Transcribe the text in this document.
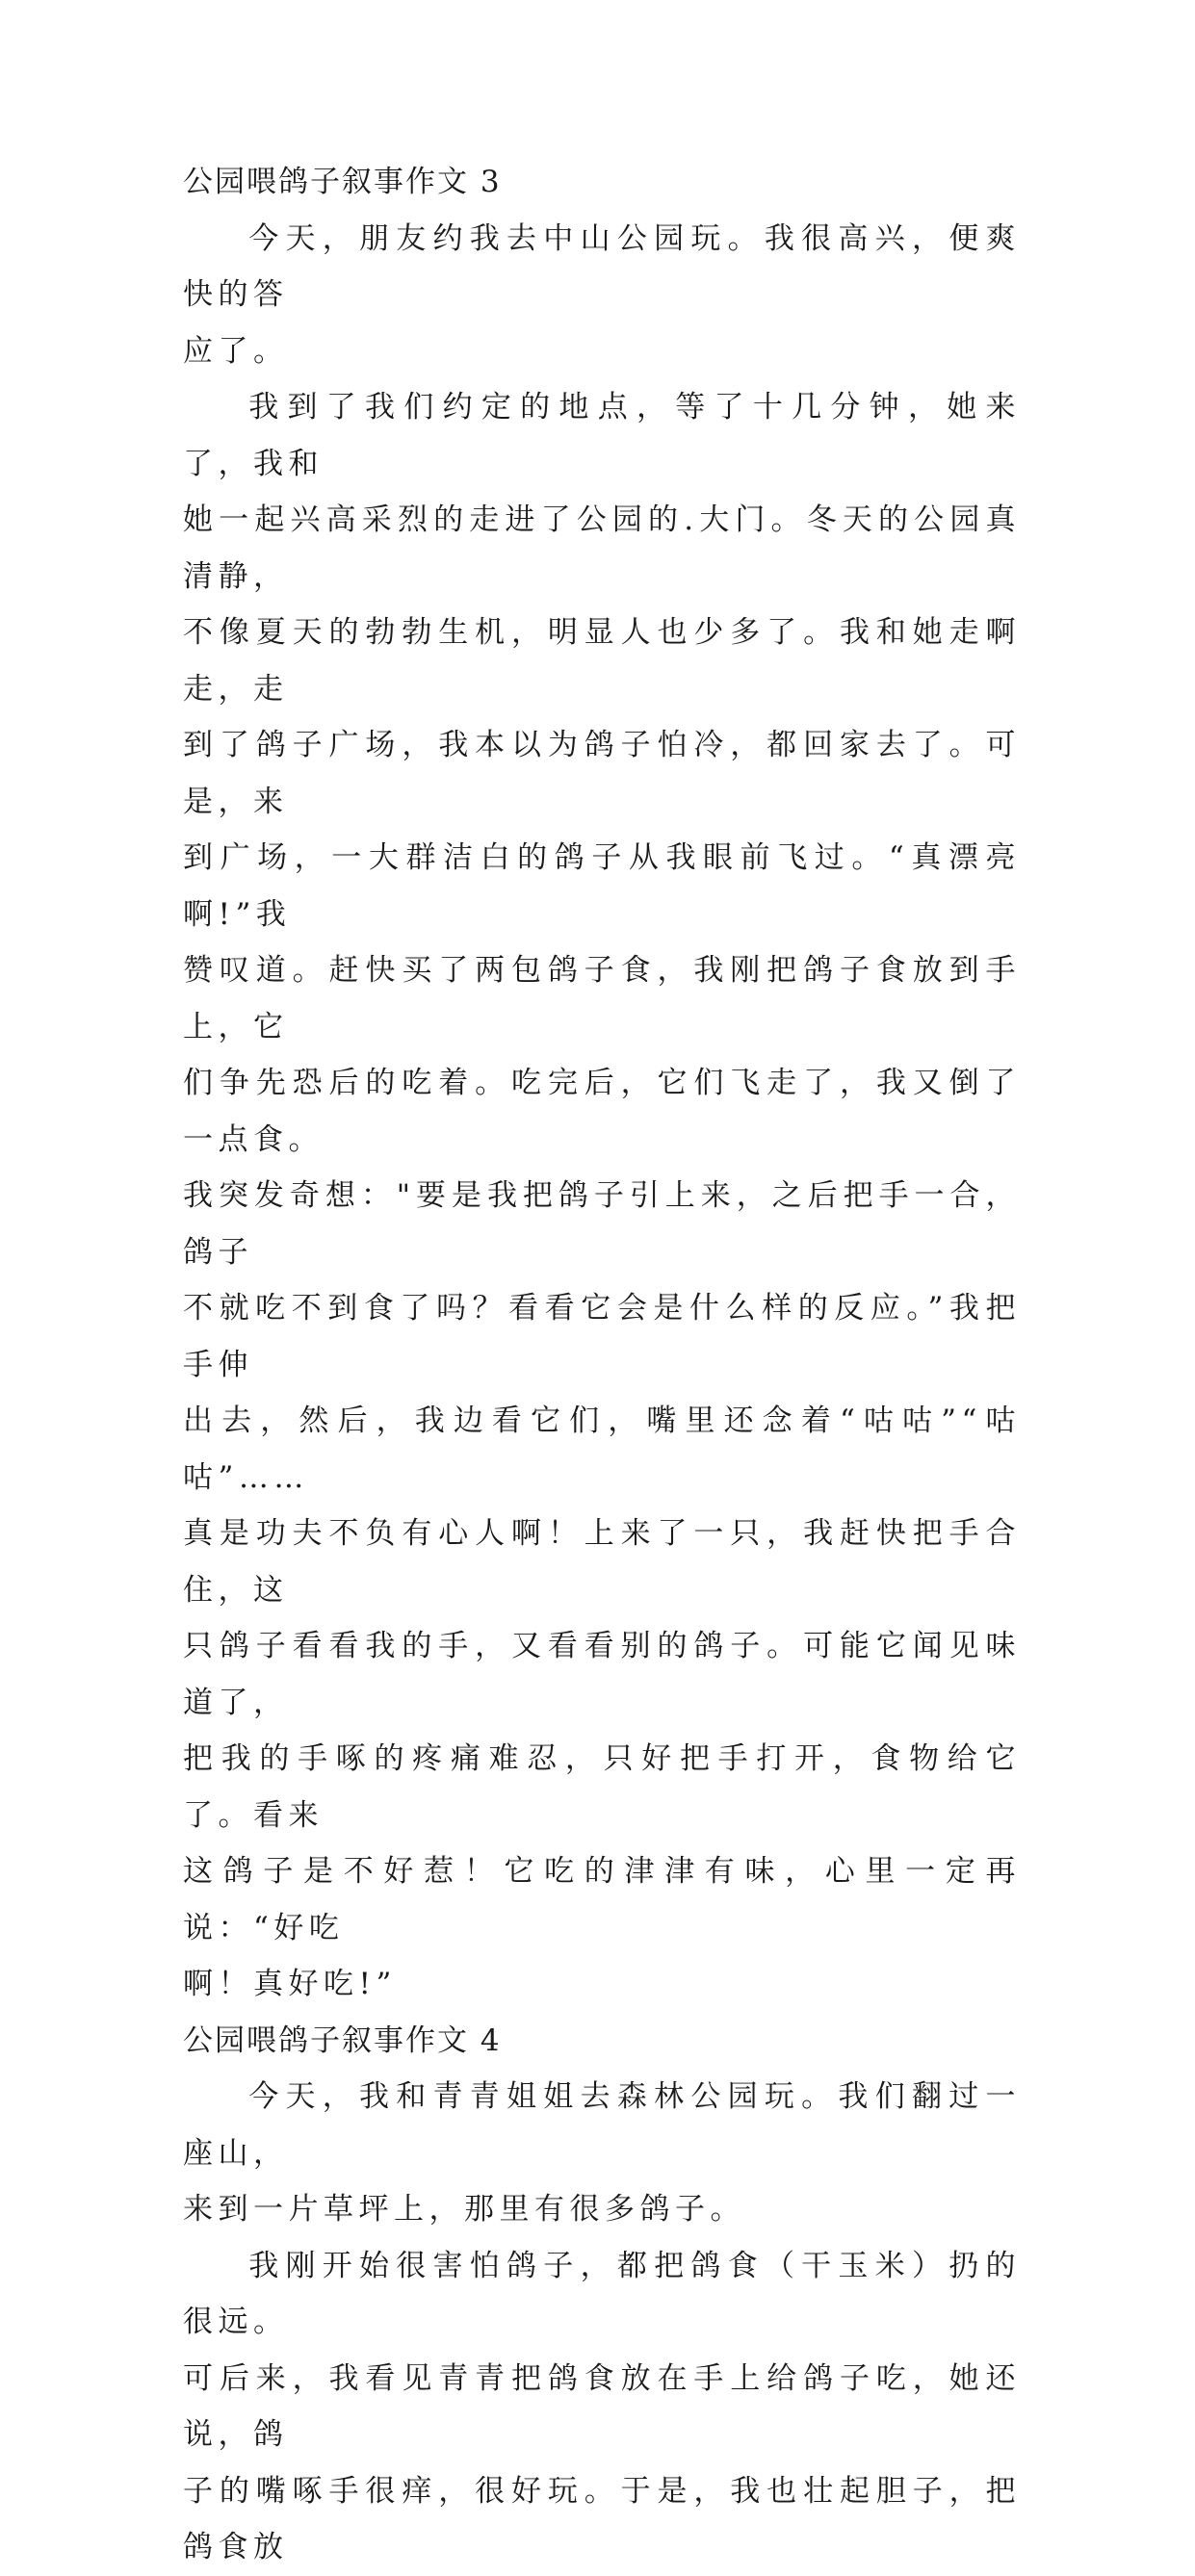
公园喂鸽子叙事作文 3

今天，朋友约我去中山公园玩。我很高兴，便爽快的答
应了。

我到了我们约定的地点，等了十几分钟，她来了，我和
她一起兴高采烈的走进了公园的.大门。冬天的公园真清静，
不像夏天的勃勃生机，明显人也少多了。我和她走啊走，走
到了鸽子广场，我本以为鸽子怕冷，都回家去了。可是，来
到广场，一大群洁白的鸽子从我眼前飞过。“真漂亮啊!”我
赞叹道。赶快买了两包鸽子食，我刚把鸽子食放到手上，它
们争先恐后的吃着。吃完后，它们飞走了，我又倒了一点食。
我突发奇想："要是我把鸽子引上来，之后把手一合，鸽子
不就吃不到食了吗？看看它会是什么样的反应。”我把手伸
出去，然后，我边看它们，嘴里还念着“咕咕”“咕咕”……
真是功夫不负有心人啊！上来了一只，我赶快把手合住，这
只鸽子看看我的手，又看看别的鸽子。可能它闻见味道了，
把我的手啄的疼痛难忍，只好把手打开，食物给它了。看来
这鸽子是不好惹！它吃的津津有味，心里一定再说：“好吃
啊！真好吃!”

公园喂鸽子叙事作文 4

今天，我和青青姐姐去森林公园玩。我们翻过一座山，
来到一片草坪上，那里有很多鸽子。

我刚开始很害怕鸽子，都把鸽食（干玉米）扔的很远。
可后来，我看见青青把鸽食放在手上给鸽子吃，她还说，鸽
子的嘴啄手很痒，很好玩。于是，我也壮起胆子，把鸽食放
